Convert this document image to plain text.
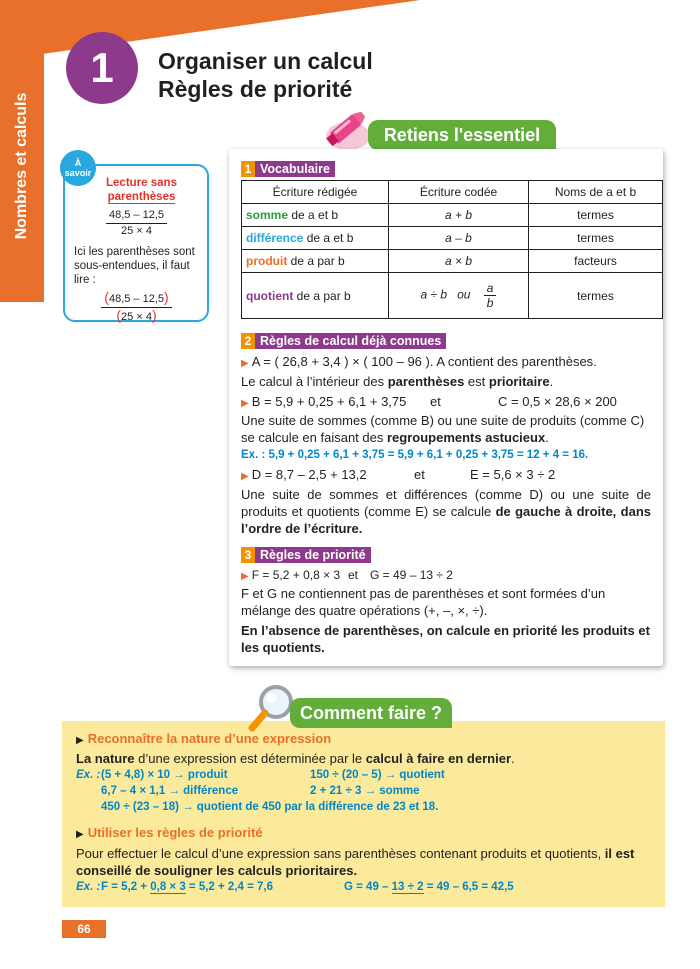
Nombres et calculs
1	Organiser un calcul
Règles de priorité
Retiens l'essentiel
Lecture sans
parenthèses
$\frac{48,5 - 12,5}{25 \times 4}$
Ici les parenthèses sont sous-entendues, il faut lire :
$\frac{(48,5 - 12,5)}{(25 \times 4)}$
À
savoir	1 Vocabulaire
Écriture rédigée	Écriture codée	Noms de a et b
somme de a et b	a + b	termes
différence de a et b	a – b	termes
produit de a par b	a × b	facteurs
quotient de a par b	a ÷ b   ou $\frac{a}{b}$	termes
2 Règles de calcul déjà connues
▶ A = ( 26,8 + 3,4 ) × ( 100 – 96 ). A contient des parenthèses.
Le calcul à l’intérieur des parenthèses est prioritaire.
▶ B = 5,9 + 0,25 + 6,1 + 3,75 et	C = 0,5 × 28,6 × 200
Une suite de sommes (comme B) ou une suite de produits (comme C) se calcule en faisant des regroupements astucieux.
Ex. : 5,9 + 0,25 + 6,1 + 3,75 = 5,9 + 6,1 + 0,25 + 3,75 = 12 + 4 = 16.
▶ D = 8,7 – 2,5 + 13,2	et	E = 5,6 × 3 ÷ 2
Une suite de sommes et différences (comme D) ou une suite de produits et quotients (comme E) se calcule de gauche à droite, dans l’ordre de l’écriture.
3 Règles de priorité
▶ F = 5,2 + 0,8 × 3 et G = 49 – 13 ÷ 2
F et G ne contiennent pas de parenthèses et sont formées d’un mélange des quatre opérations (+, –, ×, ÷).
En l’absence de parenthèses, on calcule en priorité les produits et les quotients.
Comment faire ?
▶ Reconnaître la nature d’une expression
La nature d’une expression est déterminée par le calcul à faire en dernier.
Ex. : (5 + 4,8) × 10 → produit	150 ÷ (20 – 5) → quotient
6,7 – 4 × 1,1 → différence	2 + 21 ÷ 3 → somme
450 ÷ (23 – 18) → quotient de 450 par la différence de 23 et 18.
▶ Utiliser les règles de priorité
Pour effectuer le calcul d’une expression sans parenthèses contenant produits et quotients, il est conseillé de souligner les calculs prioritaires.
Ex. : F = 5,2 + 0,8 × 3 = 5,2 + 2,4 = 7,6	G = 49 – 13 ÷ 2 = 49 – 6,5 = 42,5
66
